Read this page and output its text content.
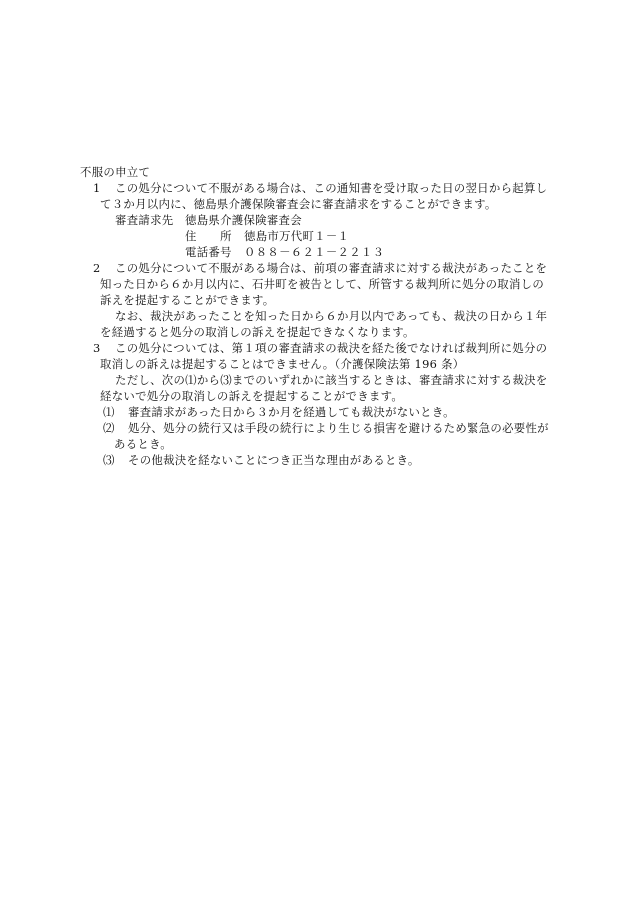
不服の申立て
1 この処分について不服がある場合は、この通知書を受け取った日の翌日から起算し
て３か月以内に、徳島県介護保険審査会に審査請求をすることができます。
審査請求先 徳島県介護保険審査会
住　　所 徳島市万代町１－１
電話番号 ０８８－６２１－２２１３
2 この処分について不服がある場合は、前項の審査請求に対する裁決があったことを
知った日から６か月以内に、石井町を被告として、所管する裁判所に処分の取消しの
訴えを提起することができます。
なお、裁決があったことを知った日から６か月以内であっても、裁決の日から１年
を経過すると処分の取消しの訴えを提起できなくなります。
3 この処分については、第１項の審査請求の裁決を経た後でなければ裁判所に処分の
取消しの訴えは提起することはできません。（介護保険法第 196 条）
ただし、次の⑴から⑶までのいずれかに該当するときは、審査請求に対する裁決を
経ないで処分の取消しの訴えを提起することができます。
⑴ 審査請求があった日から３か月を経過しても裁決がないとき。
⑵ 処分、処分の続行又は手段の続行により生じる損害を避けるため緊急の必要性が
あるとき。
⑶ その他裁決を経ないことにつき正当な理由があるとき。
